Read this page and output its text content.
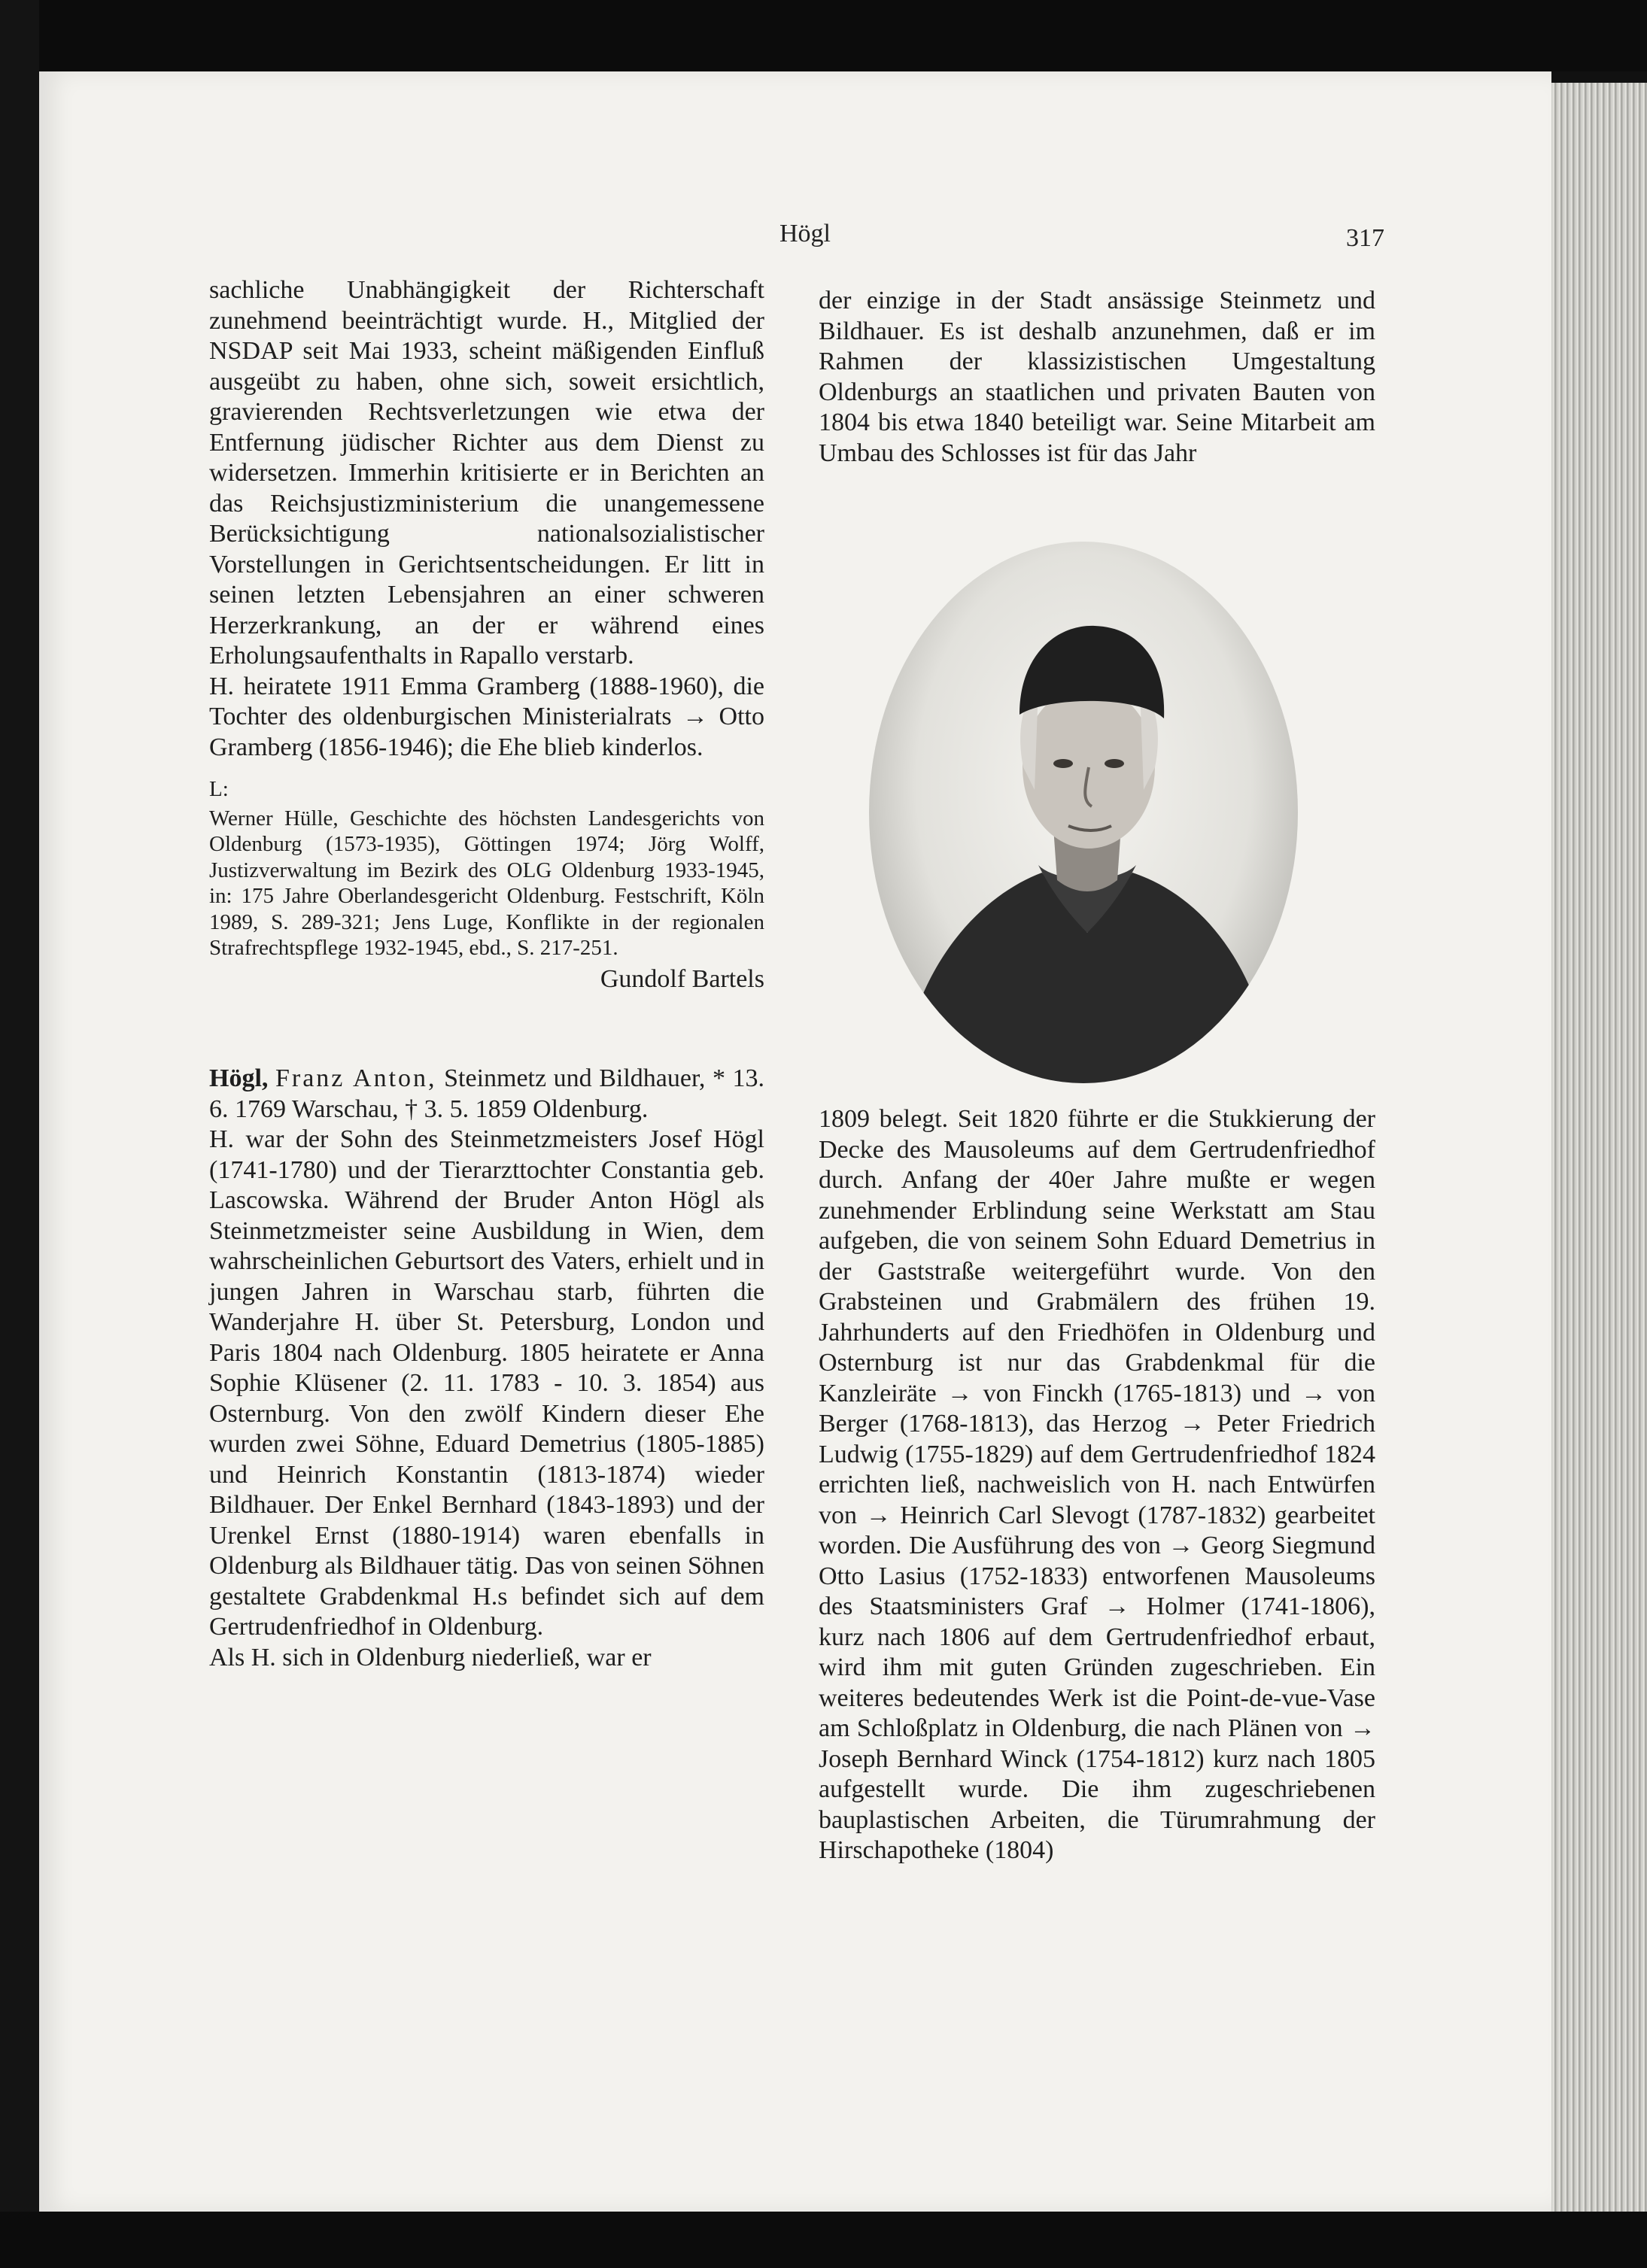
Högl	317

sachliche Unabhängigkeit der Richterschaft zunehmend beeinträchtigt wurde. H., Mitglied der NSDAP seit Mai 1933, scheint mäßigenden Einfluß ausgeübt zu haben, ohne sich, soweit ersichtlich, gravierenden Rechtsverletzungen wie etwa der Entfernung jüdischer Richter aus dem Dienst zu widersetzen. Immerhin kritisierte er in Berichten an das Reichsjustizministerium die unangemessene Berücksichtigung nationalsozialistischer Vorstellungen in Gerichtsentscheidungen. Er litt in seinen letzten Lebensjahren an einer schweren Herzerkrankung, an der er während eines Erholungsaufenthalts in Rapallo verstarb.

H. heiratete 1911 Emma Gramberg (1888-1960), die Tochter des oldenburgischen Ministerialrats → Otto Gramberg (1856-1946); die Ehe blieb kinderlos.

L:

Werner Hülle, Geschichte des höchsten Landesgerichts von Oldenburg (1573-1935), Göttingen 1974; Jörg Wolff, Justizverwaltung im Bezirk des OLG Oldenburg 1933-1945, in: 175 Jahre Oberlandesgericht Oldenburg. Festschrift, Köln 1989, S. 289-321; Jens Luge, Konflikte in der regionalen Strafrechtspflege 1932-1945, ebd., S. 217-251.

Gundolf Bartels

Högl, Franz Anton, Steinmetz und Bildhauer, * 13. 6. 1769 Warschau, † 3. 5. 1859 Oldenburg.

H. war der Sohn des Steinmetzmeisters Josef Högl (1741-1780) und der Tierarzttochter Constantia geb. Lascowska. Während der Bruder Anton Högl als Steinmetzmeister seine Ausbildung in Wien, dem wahrscheinlichen Geburtsort des Vaters, erhielt und in jungen Jahren in Warschau starb, führten die Wanderjahre H. über St. Petersburg, London und Paris 1804 nach Oldenburg. 1805 heiratete er Anna Sophie Klüsener (2. 11. 1783 - 10. 3. 1854) aus Osternburg. Von den zwölf Kindern dieser Ehe wurden zwei Söhne, Eduard Demetrius (1805-1885) und Heinrich Konstantin (1813-1874) wieder Bildhauer. Der Enkel Bernhard (1843-1893) und der Urenkel Ernst (1880-1914) waren ebenfalls in Oldenburg als Bildhauer tätig. Das von seinen Söhnen gestaltete Grabdenkmal H.s befindet sich auf dem Gertrudenfriedhof in Oldenburg.

Als H. sich in Oldenburg niederließ, war er

der einzige in der Stadt ansässige Steinmetz und Bildhauer. Es ist deshalb anzunehmen, daß er im Rahmen der klassizistischen Umgestaltung Oldenburgs an staatlichen und privaten Bauten von 1804 bis etwa 1840 beteiligt war. Seine Mitarbeit am Umbau des Schlosses ist für das Jahr

1809 belegt. Seit 1820 führte er die Stukkierung der Decke des Mausoleums auf dem Gertrudenfriedhof durch. Anfang der 40er Jahre mußte er wegen zunehmender Erblindung seine Werkstatt am Stau aufgeben, die von seinem Sohn Eduard Demetrius in der Gaststraße weitergeführt wurde. Von den Grabsteinen und Grabmälern des frühen 19. Jahrhunderts auf den Friedhöfen in Oldenburg und Osternburg ist nur das Grabdenkmal für die Kanzleiräte → von Finckh (1765-1813) und → von Berger (1768-1813), das Herzog → Peter Friedrich Ludwig (1755-1829) auf dem Gertrudenfriedhof 1824 errichten ließ, nachweislich von H. nach Entwürfen von → Heinrich Carl Slevogt (1787-1832) gearbeitet worden. Die Ausführung des von → Georg Siegmund Otto Lasius (1752-1833) entworfenen Mausoleums des Staatsministers Graf → Holmer (1741-1806), kurz nach 1806 auf dem Gertrudenfriedhof erbaut, wird ihm mit guten Gründen zugeschrieben. Ein weiteres bedeutendes Werk ist die Point-de-vue-Vase am Schloßplatz in Oldenburg, die nach Plänen von → Joseph Bernhard Winck (1754-1812) kurz nach 1805 aufgestellt wurde. Die ihm zugeschriebenen bauplastischen Arbeiten, die Türumrahmung der Hirschapotheke (1804)
